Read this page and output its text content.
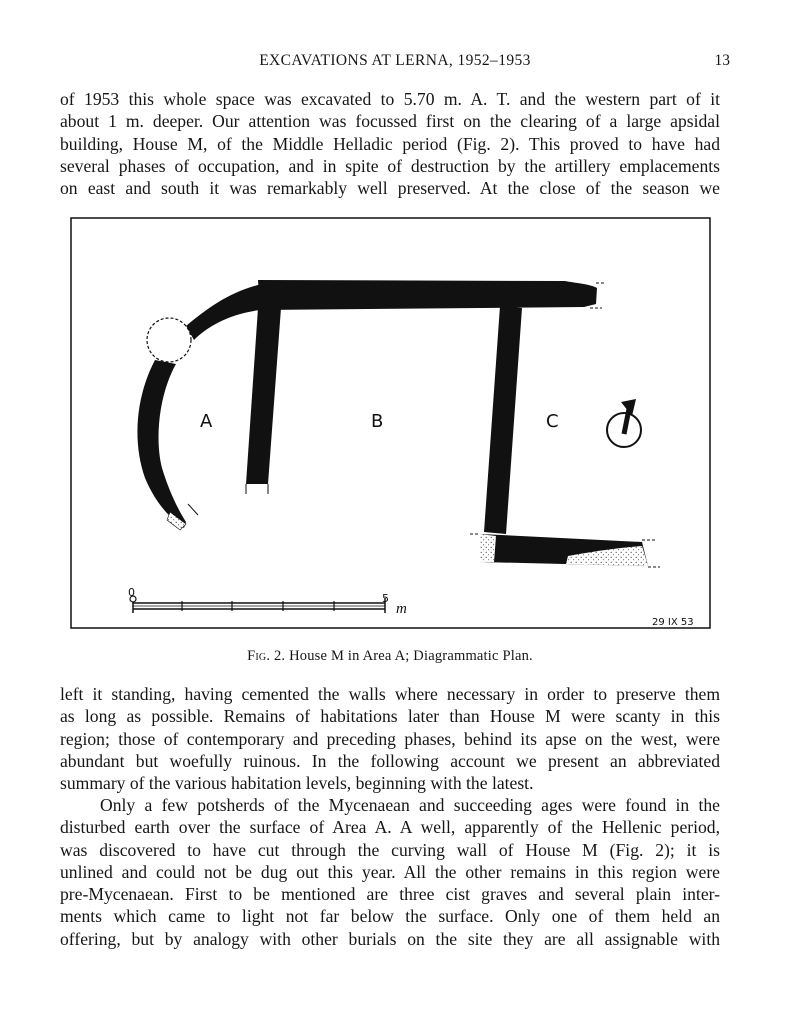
EXCAVATIONS AT LERNA, 1952–1953	13

of 1953 this whole space was excavated to 5.70 m. A. T. and the western part of it
about 1 m. deeper. Our attention was focussed first on the clearing of a large apsidal
building, House M, of the Middle Helladic period (Fig. 2). This proved to have had
several phases of occupation, and in spite of destruction by the artillery emplacements
on east and south it was remarkably well preserved. At the close of the season we

A	B	C
0	5
m
29 IX 53
Fig. 2. House M in Area A; Diagrammatic Plan.

left it standing, having cemented the walls where necessary in order to preserve them
as long as possible. Remains of habitations later than House M were scanty in this
region; those of contemporary and preceding phases, behind its apse on the west, were
abundant but woefully ruinous. In the following account we present an abbreviated
summary of the various habitation levels, beginning with the latest.

Only a few potsherds of the Mycenaean and succeeding ages were found in the
disturbed earth over the surface of Area A. A well, apparently of the Hellenic period,
was discovered to have cut through the curving wall of House M (Fig. 2); it is
unlined and could not be dug out this year. All the other remains in this region were
pre-Mycenaean. First to be mentioned are three cist graves and several plain inter-
ments which came to light not far below the surface. Only one of them held an
offering, but by analogy with other burials on the site they are all assignable with
